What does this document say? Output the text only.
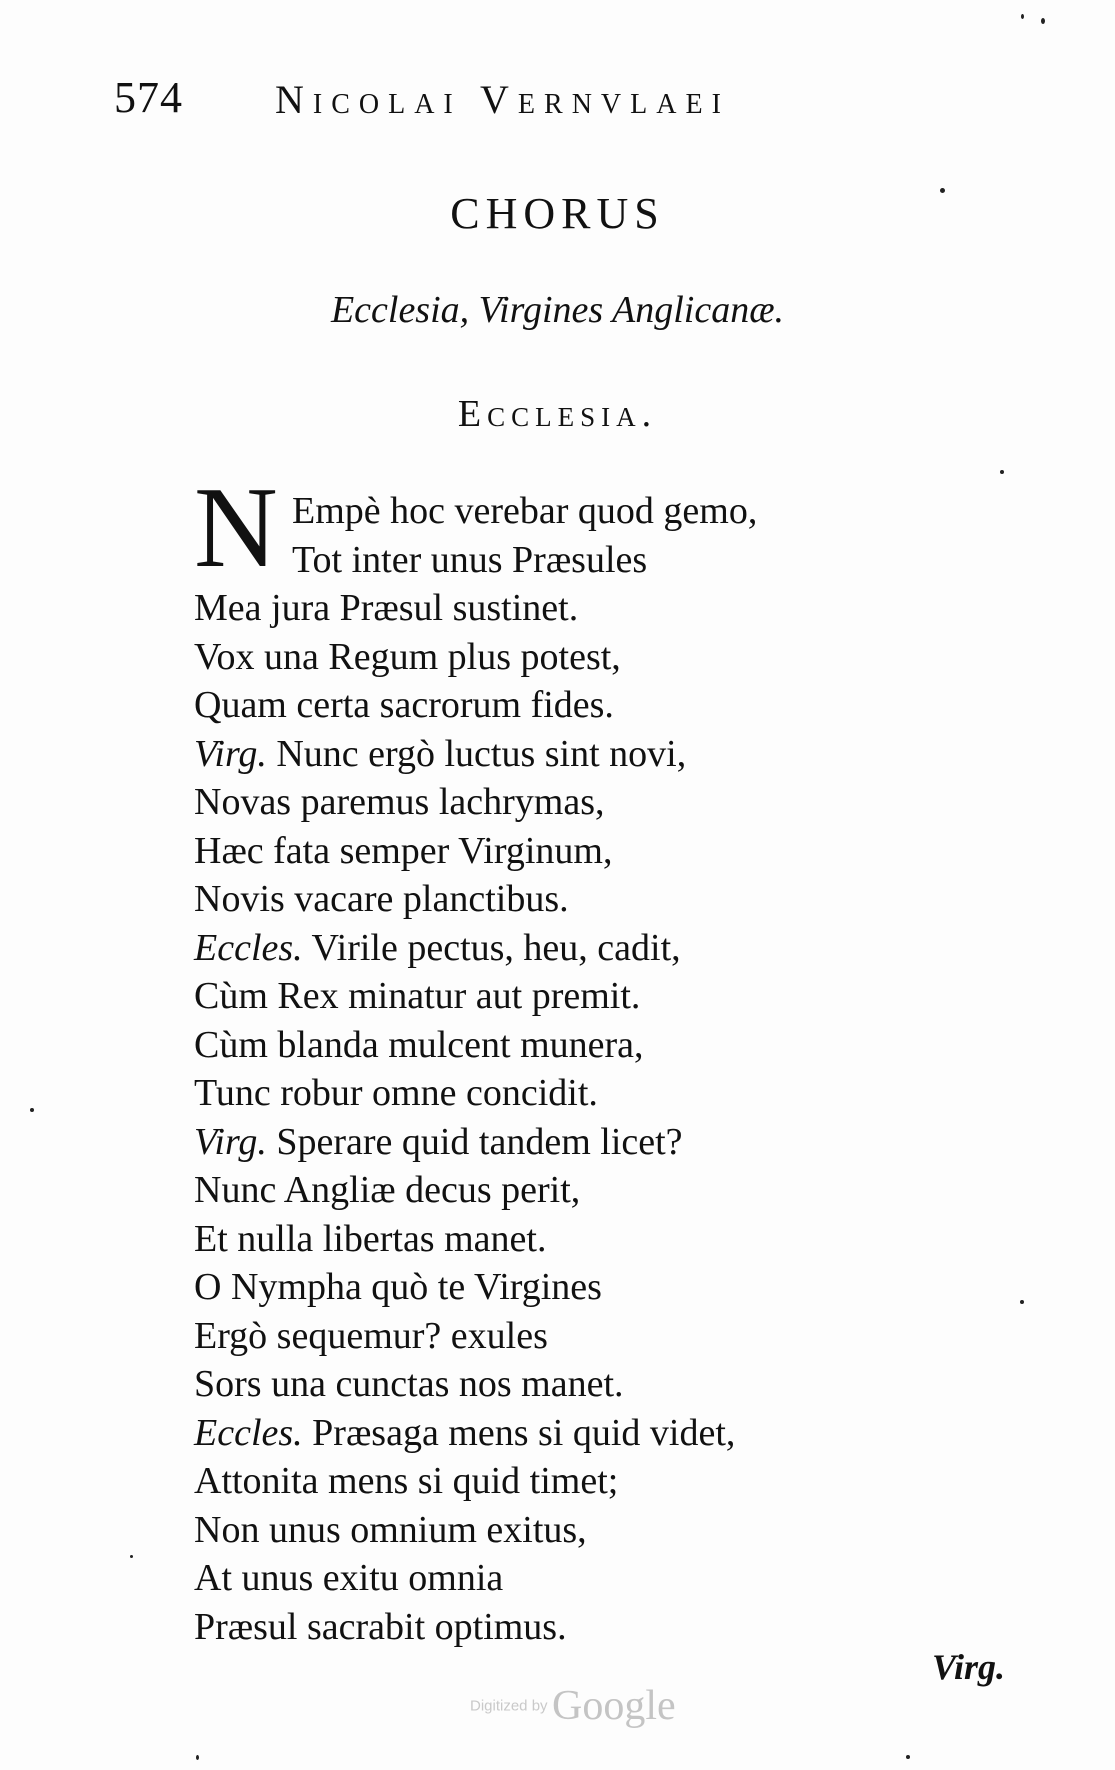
574 Nicolai Vernvlaei
CHORUS
Ecclesia, Virgines Anglicanæ.
Ecclesia.
N Empè hoc verebar quod gemo,
Tot inter unus Præsules
Mea jura Præsul sustinet.
Vox una Regum plus potest,
Quam certa sacrorum fides.
Virg. Nunc ergò luctus sint novi,
Novas paremus lachrymas,
Hæc fata semper Virginum,
Novis vacare planctibus.
Eccles. Virile pectus, heu, cadit,
Cùm Rex minatur aut premit.
Cùm blanda mulcent munera,
Tunc robur omne concidit.
Virg. Sperare quid tandem licet?
Nunc Angliæ decus perit,
Et nulla libertas manet.
O Nympha quò te Virgines
Ergò sequemur? exules
Sors una cunctas nos manet.
Eccles. Præsaga mens si quid videt,
Attonita mens si quid timet;
Non unus omnium exitus,
At unus exitu omnia
Præsul sacrabit optimus.
Virg.
Digitized by Google
